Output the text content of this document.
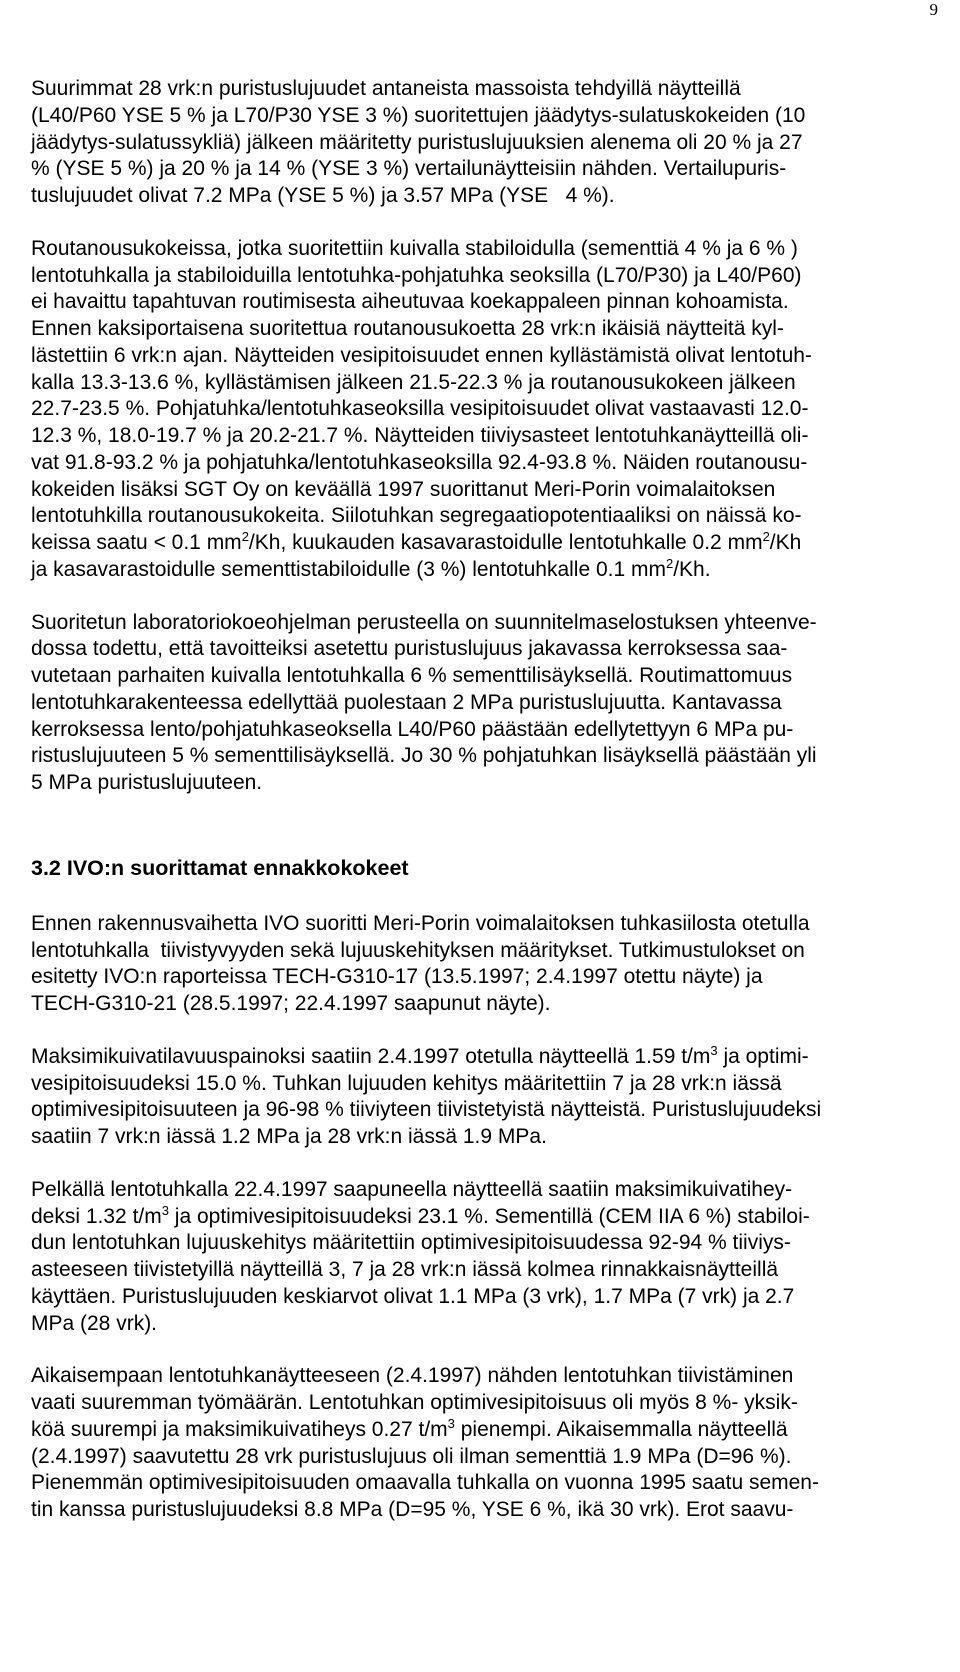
9

Suurimmat 28 vrk:n puristuslujuudet antaneista massoista tehdyillä näytteillä
(L40/P60 YSE 5 % ja L70/P30 YSE 3 %) suoritettujen jäädytys-sulatuskokeiden (10
jäädytys-sulatussykliä) jälkeen määritetty puristuslujuuksien alenema oli 20 % ja 27
% (YSE 5 %) ja 20 % ja 14 % (YSE 3 %) vertailunäytteisiin nähden. Vertailupuris-
tuslujuudet olivat 7.2 MPa (YSE 5 %) ja 3.57 MPa (YSE   4 %).

Routanousukokeissa, jotka suoritettiin kuivalla stabiloidulla (sementtiä 4 % ja 6 % )
lentotuhkalla ja stabiloiduilla lentotuhka-pohjatuhka seoksilla (L70/P30) ja L40/P60)
ei havaittu tapahtuvan routimisesta aiheutuvaa koekappaleen pinnan kohoamista.
Ennen kaksiportaisena suoritettua routanousukoetta 28 vrk:n ikäisiä näytteitä kyl-
lästettiin 6 vrk:n ajan. Näytteiden vesipitoisuudet ennen kyllästämistä olivat lentotuh-
kalla 13.3-13.6 %, kyllästämisen jälkeen 21.5-22.3 % ja routanousukokeen jälkeen
22.7-23.5 %. Pohjatuhka/lentotuhkaseoksilla vesipitoisuudet olivat vastaavasti 12.0-
12.3 %, 18.0-19.7 % ja 20.2-21.7 %. Näytteiden tiiviysasteet lentotuhkanäytteillä oli-
vat 91.8-93.2 % ja pohjatuhka/lentotuhkaseoksilla 92.4-93.8 %. Näiden routanousu-
kokeiden lisäksi SGT Oy on keväällä 1997 suorittanut Meri-Porin voimalaitoksen
lentotuhkilla routanousukokeita. Siilotuhkan segregaatiopotentiaaliksi on näissä ko-
keissa saatu < 0.1 $mm^2/Kh$, kuukauden kasavarastoidulle lentotuhkalle 0.2 $mm^2/Kh$
ja kasavarastoidulle sementtistabiloidulle (3 %) lentotuhkalle 0.1 $mm^2/Kh$.

Suoritetun laboratoriokoeohjelman perusteella on suunnitelmaselostuksen yhteenve-
dossa todettu, että tavoitteiksi asetettu puristuslujuus jakavassa kerroksessa saa-
vutetaan parhaiten kuivalla lentotuhkalla 6 % sementtilisäyksellä. Routimattomuus
lentotuhkarakenteessa edellyttää puolestaan 2 MPa puristuslujuutta. Kantavassa
kerroksessa lento/pohjatuhkaseoksella L40/P60 päästään edellytettyyn 6 MPa pu-
ristuslujuuteen 5 % sementtilisäyksellä. Jo 30 % pohjatuhkan lisäyksellä päästään yli
5 MPa puristuslujuuteen.

3.2 IVO:n suorittamat ennakkokokeet

Ennen rakennusvaihetta IVO suoritti Meri-Porin voimalaitoksen tuhkasiilosta otetulla
lentotuhkalla  tiivistyvyyden sekä lujuuskehityksen määritykset. Tutkimustulokset on
esitetty IVO:n raporteissa TECH-G310-17 (13.5.1997; 2.4.1997 otettu näyte) ja
TECH-G310-21 (28.5.1997; 22.4.1997 saapunut näyte).

Maksimikuivatilavuuspainoksi saatiin 2.4.1997 otetulla näytteellä 1.59 $t/m^3$ ja optimi-
vesipitoisuudeksi 15.0 %. Tuhkan lujuuden kehitys määritettiin 7 ja 28 vrk:n iässä
optimivesipitoisuuteen ja 96-98 % tiiviyteen tiivistetyistä näytteistä. Puristuslujuudeksi
saatiin 7 vrk:n iässä 1.2 MPa ja 28 vrk:n iässä 1.9 MPa.

Pelkällä lentotuhkalla 22.4.1997 saapuneella näytteellä saatiin maksimikuivatihey-
deksi 1.32 $t/m^3$ ja optimivesipitoisuudeksi 23.1 %. Sementillä (CEM IIA 6 %) stabiloi-
dun lentotuhkan lujuuskehitys määritettiin optimivesipitoisuudessa 92-94 % tiiviys-
asteeseen tiivistetyillä näytteillä 3, 7 ja 28 vrk:n iässä kolmea rinnakkaisnäytteillä
käyttäen. Puristuslujuuden keskiarvot olivat 1.1 MPa (3 vrk), 1.7 MPa (7 vrk) ja 2.7
MPa (28 vrk).

Aikaisempaan lentotuhkanäytteeseen (2.4.1997) nähden lentotuhkan tiivistäminen
vaati suuremman työmäärän. Lentotuhkan optimivesipitoisuus oli myös 8 %- yksik-
köä suurempi ja maksimikuivatiheys 0.27 $t/m^3$ pienempi. Aikaisemmalla näytteellä
(2.4.1997) saavutettu 28 vrk puristuslujuus oli ilman sementtiä 1.9 MPa (D=96 %).
Pienemmän optimivesipitoisuuden omaavalla tuhkalla on vuonna 1995 saatu semen-
tin kanssa puristuslujuudeksi 8.8 MPa (D=95 %, YSE 6 %, ikä 30 vrk). Erot saavu-
